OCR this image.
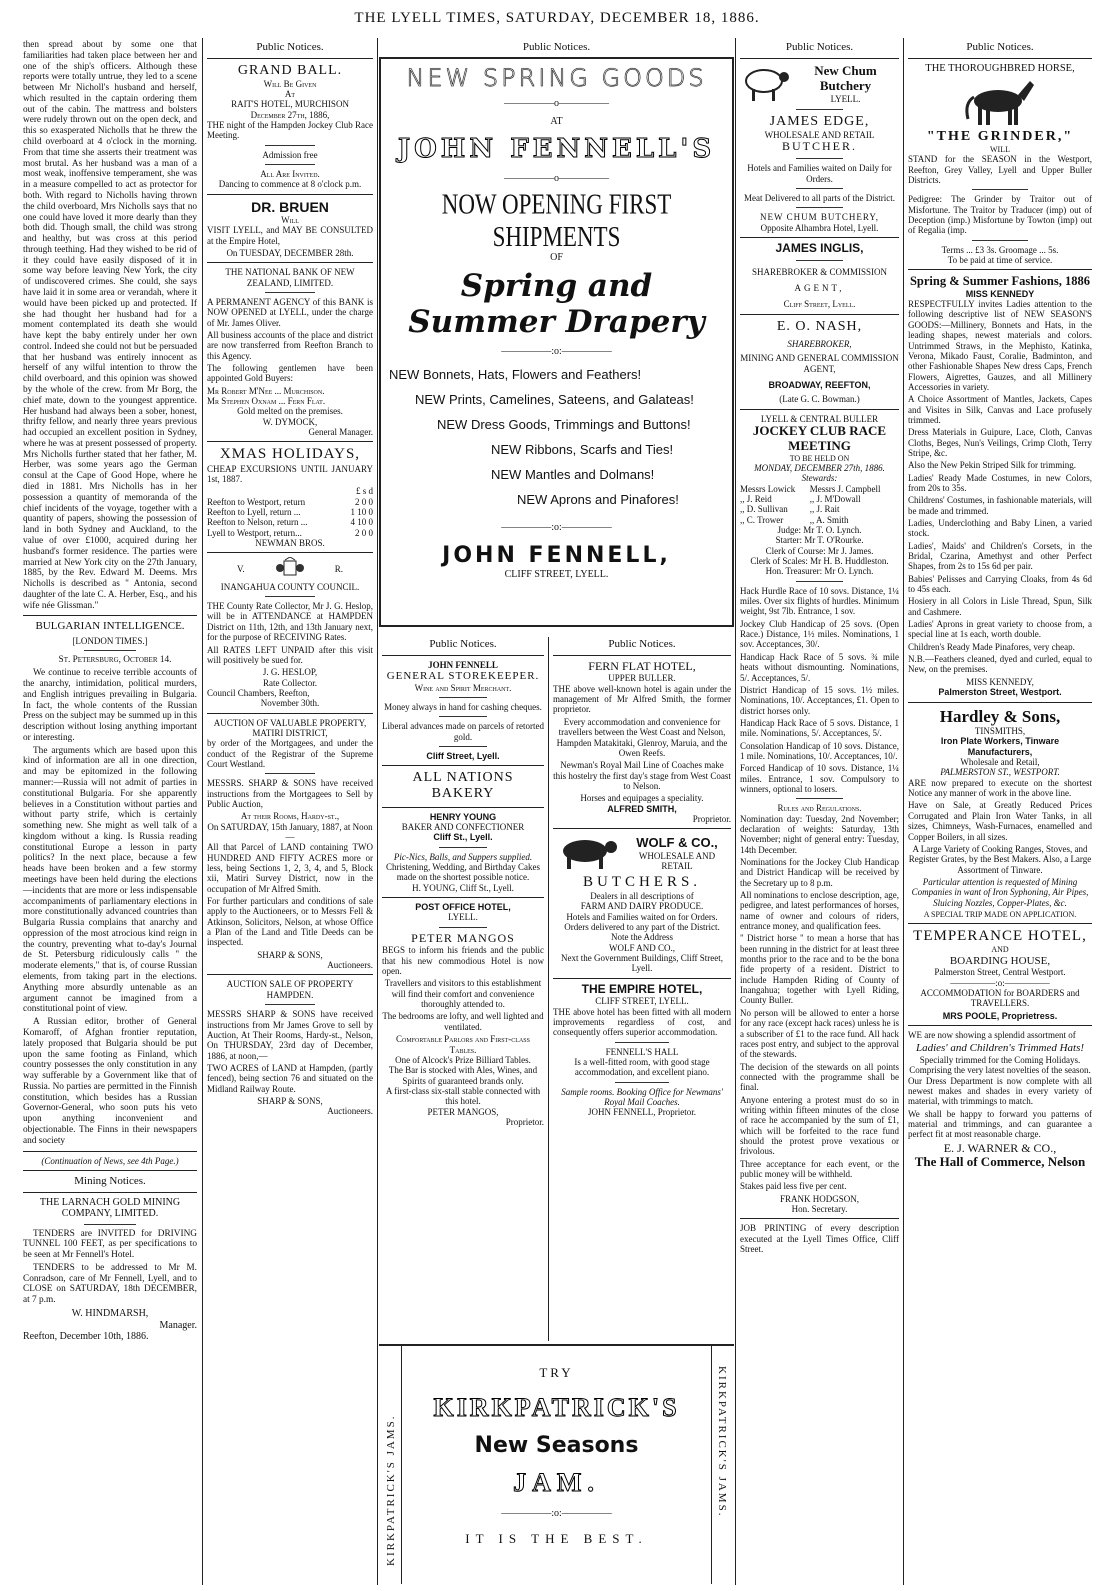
THE LYELL TIMES, SATURDAY, DECEMBER 18, 1886.

then spread about by some one that familiarities had taken place between her and one of the ship's officers. Although these reports were totally untrue, they led to a scene between Mr Nicholl's husband and herself, which resulted in the captain ordering them out of the cabin. The mattress and bolsters were rudely thrown out on the open deck, and this so exasperated Nicholls that he threw the child overboard at 4 o'clock in the morning. From that time she asserts their treatment was most brutal. As her husband was a man of a most weak, inoffensive temperament, she was in a measure compelled to act as protector for both. With regard to Nicholls having thrown the child overboard, Mrs Nicholls says that no one could have loved it more dearly than they both did. Though small, the child was strong and healthy, but was cross at this period through teething. Had they wished to be rid of it they could have easily disposed of it in some way before leaving New York, the city of undiscovered crimes. She could, she says have laid it in some area or verandah, where it would have been picked up and protected. If she had thought her husband had for a moment contemplated its death she would have kept the baby entirely under her own control. Indeed she could not but be persuaded that her husband was entirely innocent as herself of any wilful intention to throw the child overboard, and this opinion was showed by the whole of the crew. from Mr Borg, the chief mate, down to the youngest apprentice. Her husband had always been a sober, honest, thrifty fellow, and nearly three years previous had occupied an excellent position in Sydney, where he was at present possessed of property. Mrs Nicholls further stated that her father, M. Herber, was some years ago the German consul at the Cape of Good Hope, where he died in 1881. Mrs Nicholls has in her possession a quantity of memoranda of the chief incidents of the voyage, together with a quantity of papers, showing the possession of land in both Sydney and Auckland, to the value of over £1000, acquired during her husband's former residence. The parties were married at New York city on the 27th January, 1885, by the Rev. Edward M. Deems. Mrs Nicholls is described as " Antonia, second daughter of the late C. A. Herber, Esq., and his wife née Glissman."

BULGARIAN INTELLIGENCE.
[LONDON TIMES.]

St. Petersburg, October 14.

We continue to receive terrible accounts of the anarchy, intimidation, political murders, and English intrigues prevailing in Bulgaria. In fact, the whole contents of the Russian Press on the subject may be summed up in this description without losing anything important or interesting.

The arguments which are based upon this kind of information are all in one direction, and may be epitomized in the following manner:—Russia will not admit of parties in constitutional Bulgaria. For she apparently believes in a Constitution without parties and without party strife, which is certainly something new. She might as well talk of a kingdom without a king. Is Russia reading constitutional Europe a lesson in party politics? In the next place, because a few heads have been broken and a few stormy meetings have been held during the elections—incidents that are more or less indispensable accompaniments of parliamentary elections in more constitutionally advanced countries than Bulgaria Russia complains that anarchy and oppression of the most atrocious kind reign in the country, preventing what to-day's Journal de St. Petersburg ridiculously calls " the moderate elements," that is, of course Russian elements, from taking part in the elections. Anything more absurdly untenable as an argument cannot be imagined from a constitutional point of view.

A Russian editor, brother of General Komaroff, of Afghan frontier reputation, lately proposed that Bulgaria should be put upon the same footing as Finland, which country possesses the only constitution in any way sufferable by a Government like that of Russia. No parties are permitted in the Finnish constitution, which besides has a Russian Governor-General, who soon puts his veto upon anything inconvenient and objectionable. The Finns in their newspapers and society

(Continuation of News, see 4th Page.)
Mining Notices.
THE LARNACH GOLD MINING COMPANY, LIMITED.

TENDERS are INVITED for DRIVING TUNNEL 100 FEET, as per specifications to be seen at Mr Fennell's Hotel.

TENDERS to be addressed to Mr M. Conradson, care of Mr Fennell, Lyell, and to CLOSE on SATURDAY, 18th DECEMBER, at 7 p.m.

W. HINDMARSH,
Manager.
Reefton, December 10th, 1886.
Public Notices.
GRAND BALL.
Will Be Given
At
RAIT'S HOTEL, MURCHISON
December 27th, 1886,

THE night of the Hampden Jockey Club Race Meeting.

Admission free
All Are Invited.
Dancing to commence at 8 o'clock p.m.
DR. BRUEN
Will

VISIT LYELL, and MAY BE CONSULTED at the Empire Hotel,

On TUESDAY, DECEMBER 28th.
THE NATIONAL BANK OF NEW ZEALAND, LIMITED.

A PERMANENT AGENCY of this BANK is NOW OPENED at LYELL, under the charge of Mr. James Oliver.

All business accounts of the place and district are now transferred from Reefton Branch to this Agency.

The following gentlemen have been appointed Gold Buyers:

Mr Robert M'Nee ... Murchison.
Mr Stephen Oxnam ... Fern Flat.
Gold melted on the premises.
W. DYMOCK,
General Manager.
XMAS HOLIDAYS,

CHEAP EXCURSIONS UNTIL JANUARY 1st, 1887.

£ s d
Reefton to Westport, return	2 0 0
Reefton to Lyell, return ...	1 10 0
Reefton to Nelson, return ...	4 10 0
Lyell to Westport, return...	2 0 0
NEWMAN BROS.
V.	R.
INANGAHUA COUNTY COUNCIL.

THE County Rate Collector, Mr J. G. Heslop, will be in ATTENDANCE at HAMPDEN District on 11th, 12th, and 13th January next, for the purpose of RECEIVING Rates.

All RATES LEFT UNPAID after this visit will positively be sued for.

J. G. HESLOP,
Rate Collector.
Council Chambers, Reefton,
November 30th.
AUCTION OF VALUABLE PROPERTY, MATIRI DISTRICT,

by order of the Mortgagees, and under the conduct of the Registrar of the Supreme Court Westland.

MESSRS. SHARP & SONS have received instructions from the Mortgagees to Sell by Public Auction,

At their Rooms, Hardy-st.,
On SATURDAY, 15th January, 1887, at Noon—

All that Parcel of LAND containing TWO HUNDRED AND FIFTY ACRES more or less, being Sections 1, 2, 3, 4, and 5, Block xii, Matiri Survey District, now in the occupation of Mr Alfred Smith.

For further particulars and conditions of sale apply to the Auctioneers, or to Messrs Fell & Atkinson, Solicitors, Nelson, at whose Office a Plan of the Land and Title Deeds can be inspected.

SHARP & SONS,
Auctioneers.
AUCTION SALE OF PROPERTY HAMPDEN.

MESSRS SHARP & SONS have received instructions from Mr James Grove to sell by Auction, At Their Rooms, Hardy-st., Nelson, On THURSDAY, 23rd day of December, 1886, at noon,—

TWO ACRES of LAND at Hampden, (partly fenced), being section 76 and situated on the Midland Railway Route.

SHARP & SONS,
Auctioneers.
Public Notices.
NEW SPRING GOODS
—————o—————
AT
JOHN FENNELL'S
—————o—————
NOW OPENING FIRST SHIPMENTS
OF
Spring and Summer Drapery
—————:o:—————
NEW Bonnets, Hats, Flowers and Feathers!
NEW Prints, Camelines, Sateens, and Galateas!
NEW Dress Goods, Trimmings and Buttons!
NEW Ribbons, Scarfs and Ties!
NEW Mantles and Dolmans!
NEW Aprons and Pinafores!
—————:o:—————
JOHN FENNELL,
CLIFF STREET, LYELL.
Public Notices.
JOHN FENNELL
GENERAL STOREKEEPER.
Wine and Spirit Merchant.
Money always in hand for cashing cheques.
Liberal advances made on parcels of retorted gold.
Cliff Street, Lyell.
ALL NATIONS BAKERY
HENRY YOUNG
BAKER AND CONFECTIONER
Cliff St., Lyell.
Pic-Nics, Balls, and Suppers supplied.
Christening, Wedding, and Birthday Cakes made on the shortest possible notice.
H. YOUNG, Cliff St., Lyell.
POST OFFICE HOTEL,
LYELL.
PETER MANGOS

BEGS to inform his friends and the public that his new commodious Hotel is now open.

Travellers and visitors to this establishment will find their comfort and convenience thoroughly attended to.

The bedrooms are lofty, and well lighted and ventilated.

Comfortable Parlors and First-class Tables.
One of Alcock's Prize Billiard Tables.
The Bar is stocked with Ales, Wines, and Spirits of guaranteed brands only.
A first-class six-stall stable connected with this hotel.
PETER MANGOS,
Proprietor.
Public Notices.
FERN FLAT HOTEL,
UPPER BULLER.

THE above well-known hotel is again under the management of Mr Alfred Smith, the former proprietor.

Every accommodation and convenience for travellers between the West Coast and Nelson, Hampden Matakitaki, Glenroy, Maruia, and the Owen Reefs.

Newman's Royal Mail Line of Coaches make this hostelry the first day's stage from West Coast to Nelson.

Horses and equipages a speciality.
ALFRED SMITH,
Proprietor.
WOLF & CO.,
WHOLESALE AND RETAIL
BUTCHERS.
Dealers in all descriptions of
FARM AND DAIRY PRODUCE.
Hotels and Families waited on for Orders.
Orders delivered to any part of the District.
Note the Address
WOLF AND CO.,
Next the Government Buildings, Cliff Street, Lyell.
THE EMPIRE HOTEL,
CLIFF STREET, LYELL.

THE above hotel has been fitted with all modern improvements regardless of cost, and consequently offers superior accommodation.

FENNELL'S HALL
Is a well-fitted room, with good stage accommodation, and excellent piano.
Sample rooms. Booking Office for Newmans' Royal Mail Coaches.
JOHN FENNELL, Proprietor.
KIRKPATRICK'S JAMS.	KIRKPATRICK'S JAMS.
TRY
KIRKPATRICK'S
New Seasons
JAM.
—————:o:—————
IT IS THE BEST.
Public Notices.
New Chum Butchery
LYELL.
JAMES EDGE,
WHOLESALE AND RETAIL
BUTCHER.
Hotels and Families waited on Daily for Orders.
Meat Delivered to all parts of the District.
NEW CHUM BUTCHERY,
Opposite Alhambra Hotel, Lyell.
JAMES INGLIS,
SHAREBROKER & COMMISSION
AGENT,
Cliff Street, Lyell.
E. O. NASH,
SHAREBROKER,
MINING AND GENERAL COMMISSION AGENT,
BROADWAY, REEFTON,
(Late G. C. Bowman.)
LYELL & CENTRAL BULLER
JOCKEY CLUB RACE MEETING
TO BE HELD ON
MONDAY, DECEMBER 27th, 1886.
Stewards:
Messrs Lowick	Messrs J. Campbell
,, J. Reid	,, J. M'Dowall
,, D. Sullivan	,, J. Rait
,, C. Trower	,, A. Smith
Judge: Mr T. O. Lynch.
Starter: Mr T. O'Rourke.
Clerk of Course: Mr J. James.
Clerk of Scales: Mr H. B. Huddleston.
Hon. Treasurer: Mr O. Lynch.

Hack Hurdle Race of 10 sovs. Distance, 1¼ miles. Over six flights of hurdles. Minimum weight, 9st 7lb. Entrance, 1 sov.

Jockey Club Handicap of 25 sovs. (Open Race.) Distance, 1½ miles. Nominations, 1 sov. Acceptances, 30/.

Handicap Hack Race of 5 sovs. ¾ mile heats without dismounting. Nominations, 5/. Acceptances, 5/.

District Handicap of 15 sovs. 1½ miles. Nominations, 10/. Acceptances, £1. Open to district horses only.

Handicap Hack Race of 5 sovs. Distance, 1 mile. Nominations, 5/. Acceptances, 5/.

Consolation Handicap of 10 sovs. Distance, 1 mile. Nominations, 10/. Acceptances, 10/.

Forced Handicap of 10 sovs. Distance, 1¼ miles. Entrance, 1 sov. Compulsory to winners, optional to losers.

Rules and Regulations.

Nomination day: Tuesday, 2nd November; declaration of weights: Saturday, 13th November; night of general entry: Tuesday, 14th December.

Nominations for the Jockey Club Handicap and District Handicap will be received by the Secretary up to 8 p.m.

All nominations to enclose description, age, pedigree, and latest performances of horses, name of owner and colours of riders, entrance money, and qualification fees.

" District horse " to mean a horse that has been running in the district for at least three months prior to the race and to be the bona fide property of a resident. District to include Hampden Riding of County of Inangahua; together with Lyell Riding, County Buller.

No person will be allowed to enter a horse for any race (except hack races) unless he is a subscriber of £1 to the race fund. All hack races post entry, and subject to the approval of the stewards.

The decision of the stewards on all points connected with the programme shall be final.

Anyone entering a protest must do so in writing within fifteen minutes of the close of race he accompanied by the sum of £1, which will be forfeited to the race fund should the protest prove vexatious or frivolous.

Three acceptance for each event, or the public money will be withheld.

Stakes paid less five per cent.

FRANK HODGSON,
Hon. Secretary.

JOB PRINTING of every description executed at the Lyell Times Office, Cliff Street.

Public Notices.
THE THOROUGHBRED HORSE,
"THE GRINDER,"
WILL

STAND for the SEASON in the Westport, Reefton, Grey Valley, Lyell and Upper Buller Districts.

Pedigree: The Grinder by Traitor out of Misfortune. The Traitor by Traducer (imp) out of Deception (imp.) Misfortune by Towton (imp) out of Regalia (imp.

Terms ... £3 3s. Groomage ... 5s.
To be paid at time of service.
Spring & Summer Fashions, 1886
MISS KENNEDY

RESPECTFULLY invites Ladies attention to the following descriptive list of NEW SEASON'S GOODS:—Millinery, Bonnets and Hats, in the leading shapes, newest materials and colors. Untrimmed Straws, in the Mephisto, Katinka, Verona, Mikado Faust, Coralie, Badminton, and other Fashionable Shapes New dress Caps, French Flowers, Aigrettes, Gauzes, and all Millinery Accessories in variety.

A Choice Assortment of Mantles, Jackets, Capes and Visites in Silk, Canvas and Lace profusely trimmed.

Dress Materials in Guipure, Lace, Cloth, Canvas Cloths, Beges, Nun's Veilings, Crimp Cloth, Terry Stripe, &c.

Also the New Pekin Striped Silk for trimming.

Ladies' Ready Made Costumes, in new Colors, from 20s to 35s.

Childrens' Costumes, in fashionable materials, will be made and trimmed.

Ladies, Underclothing and Baby Linen, a varied stock.

Ladies', Maids' and Children's Corsets, in the Bridal, Czarina, Amethyst and other Perfect Shapes, from 2s to 15s 6d per pair.

Babies' Pelisses and Carrying Cloaks, from 4s 6d to 45s each.

Hosiery in all Colors in Lisle Thread, Spun, Silk and Cashmere.

Ladies' Aprons in great variety to choose from, a special line at 1s each, worth double.

Children's Ready Made Pinafores, very cheap.

N.B.—Feathers cleaned, dyed and curled, equal to New, on the premises.

MISS KENNEDY,
Palmerston Street, Westport.
Hardley & Sons,
TINSMITHS,
Iron Plate Workers, Tinware Manufacturers,
Wholesale and Retail,
PALMERSTON ST., WESTPORT.

ARE now prepared to execute on the shortest Notice any manner of work in the above line.

Have on Sale, at Greatly Reduced Prices Corrugated and Plain Iron Water Tanks, in all sizes, Chimneys, Wash-Furnaces, enamelled and Copper Boilers, in all sizes.

A Large Variety of Cooking Ranges, Stoves, and Register Grates, by the Best Makers. Also, a Large Assortment of Tinware.

Particular attention is requested of Mining Companies in want of Iron Syphoning, Air Pipes, Sluicing Nozzles, Copper-Plates, &c.

A SPECIAL TRIP MADE ON APPLICATION.
TEMPERANCE HOTEL,
AND
BOARDING HOUSE,
Palmerston Street, Central Westport.
—————:o:—————

ACCOMMODATION for BOARDERS and TRAVELLERS.

MRS POOLE, Proprietress.

WE are now showing a splendid assortment of

Ladies' and Children's Trimmed Hats!
Specially trimmed for the Coming Holidays.
Comprising the very latest novelties of the season.

Our Dress Department is now complete with all newest makes and shades in every variety of material, with trimmings to match.

We shall be happy to forward you patterns of material and trimmings, and can guarantee a perfect fit at most reasonable charge.

E. J. WARNER & CO.,
The Hall of Commerce, Nelson
